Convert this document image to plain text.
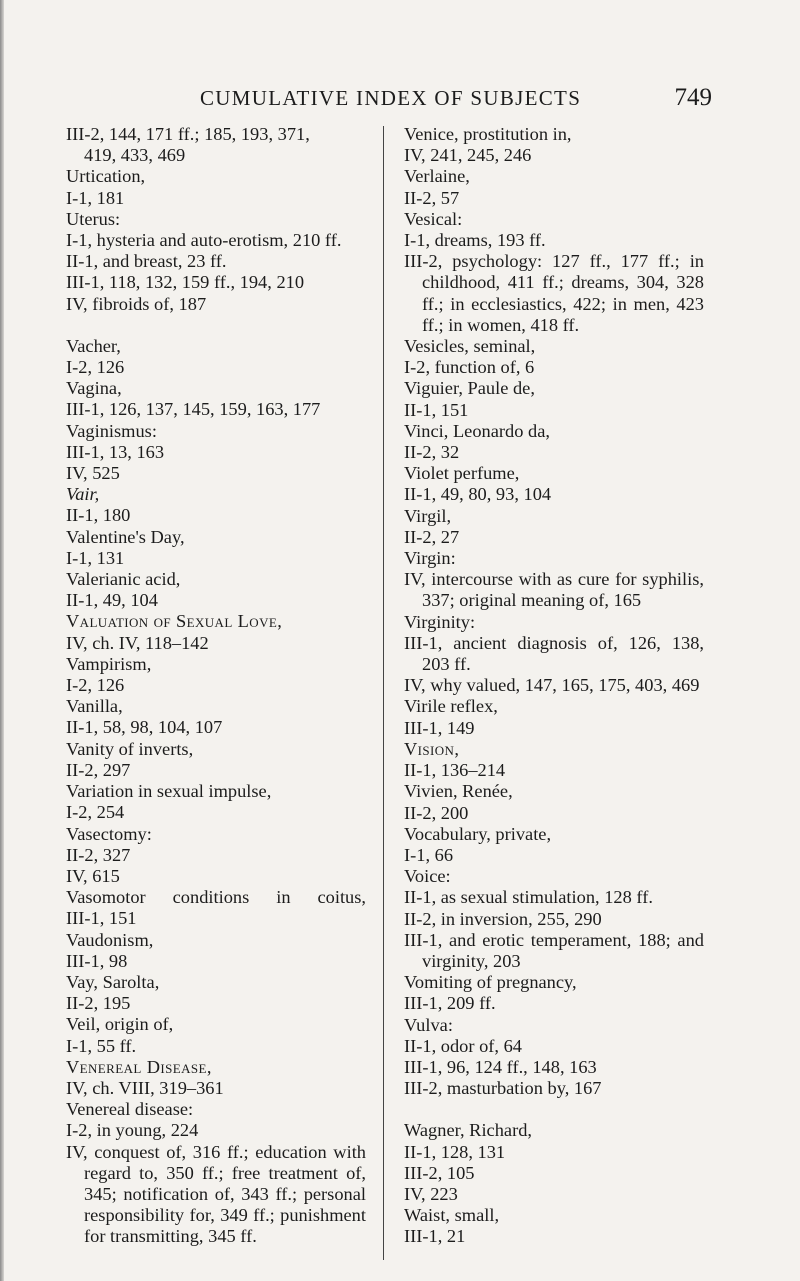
CUMULATIVE INDEX OF SUBJECTS	749
III-2, 144, 171 ff.; 185, 193, 371,
419, 433, 469
Urtication,
I-1, 181
Uterus:
I-1, hysteria and auto-erotism, 210 ff.
II-1, and breast, 23 ff.
III-1, 118, 132, 159 ff., 194, 210
IV, fibroids of, 187
Vacher,
I-2, 126
Vagina,
III-1, 126, 137, 145, 159, 163, 177
Vaginismus:
III-1, 13, 163
IV, 525
Vair,
II-1, 180
Valentine's Day,
I-1, 131
Valerianic acid,
II-1, 49, 104
Valuation of Sexual Love,
IV, ch. IV, 118–142
Vampirism,
I-2, 126
Vanilla,
II-1, 58, 98, 104, 107
Vanity of inverts,
II-2, 297
Variation in sexual impulse,
I-2, 254
Vasectomy:
II-2, 327
IV, 615
Vasomotor conditions in coitus,
III-1, 151
Vaudonism,
III-1, 98
Vay, Sarolta,
II-2, 195
Veil, origin of,
I-1, 55 ff.
Venereal Disease,
IV, ch. VIII, 319–361
Venereal disease:
I-2, in young, 224
IV, conquest of, 316 ff.; education with regard to, 350 ff.; free treatment of, 345; notification of, 343 ff.; personal responsibility for, 349 ff.; punishment for transmitting, 345 ff.
Venice, prostitution in,
IV, 241, 245, 246
Verlaine,
II-2, 57
Vesical:
I-1, dreams, 193 ff.
III-2, psychology: 127 ff., 177 ff.; in childhood, 411 ff.; dreams, 304, 328 ff.; in ecclesiastics, 422; in men, 423 ff.; in women, 418 ff.
Vesicles, seminal,
I-2, function of, 6
Viguier, Paule de,
II-1, 151
Vinci, Leonardo da,
II-2, 32
Violet perfume,
II-1, 49, 80, 93, 104
Virgil,
II-2, 27
Virgin:
IV, intercourse with as cure for syphilis, 337; original meaning of, 165
Virginity:
III-1, ancient diagnosis of, 126, 138, 203 ff.
IV, why valued, 147, 165, 175, 403, 469
Virile reflex,
III-1, 149
Vision,
II-1, 136–214
Vivien, Renée,
II-2, 200
Vocabulary, private,
I-1, 66
Voice:
II-1, as sexual stimulation, 128 ff.
II-2, in inversion, 255, 290
III-1, and erotic temperament, 188; and virginity, 203
Vomiting of pregnancy,
III-1, 209 ff.
Vulva:
II-1, odor of, 64
III-1, 96, 124 ff., 148, 163
III-2, masturbation by, 167
Wagner, Richard,
II-1, 128, 131
III-2, 105
IV, 223
Waist, small,
III-1, 21
